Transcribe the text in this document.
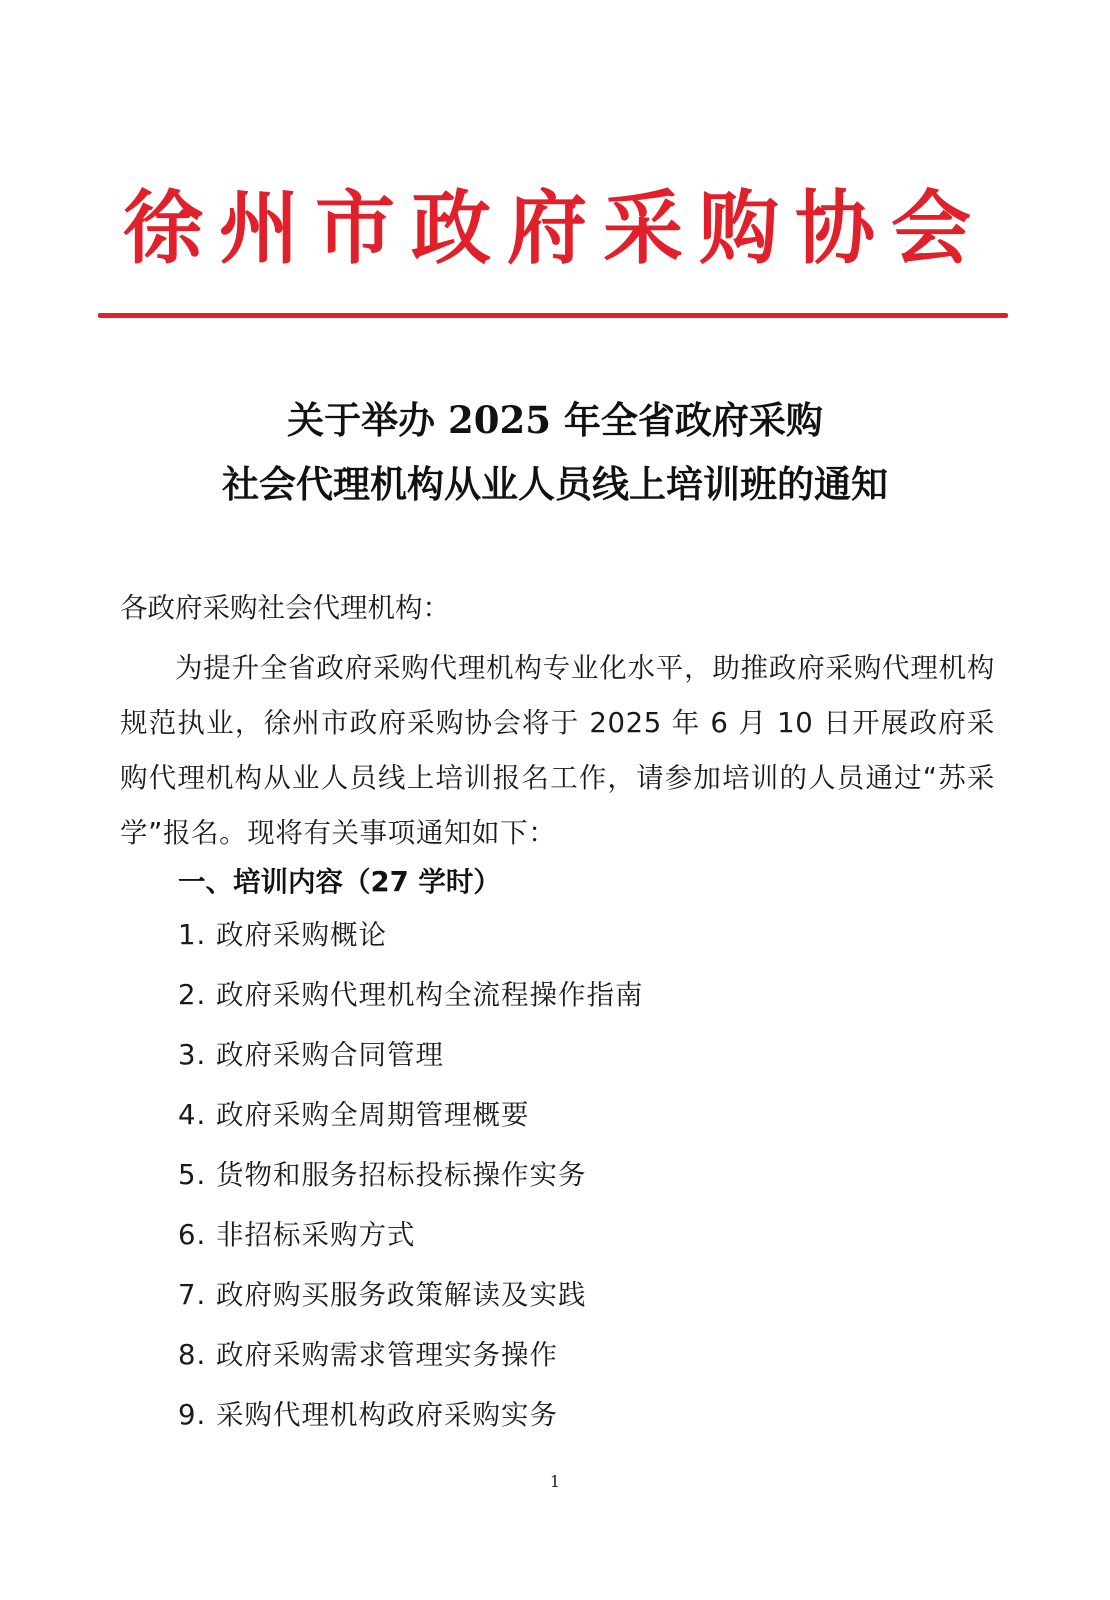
徐州市政府采购协会
关于举办 2025 年全省政府采购
社会代理机构从业人员线上培训班的通知
各政府采购社会代理机构：
为提升全省政府采购代理机构专业化水平，助推政府采购代理机构规范执业，徐州市政府采购协会将于 2025 年 6 月 10 日开展政府采购代理机构从业人员线上培训报名工作，请参加培训的人员通过“苏采学”报名。现将有关事项通知如下：
一、培训内容（27 学时）
1. 政府采购概论
2. 政府采购代理机构全流程操作指南
3. 政府采购合同管理
4. 政府采购全周期管理概要
5. 货物和服务招标投标操作实务
6. 非招标采购方式
7. 政府购买服务政策解读及实践
8. 政府采购需求管理实务操作
9. 采购代理机构政府采购实务
1
